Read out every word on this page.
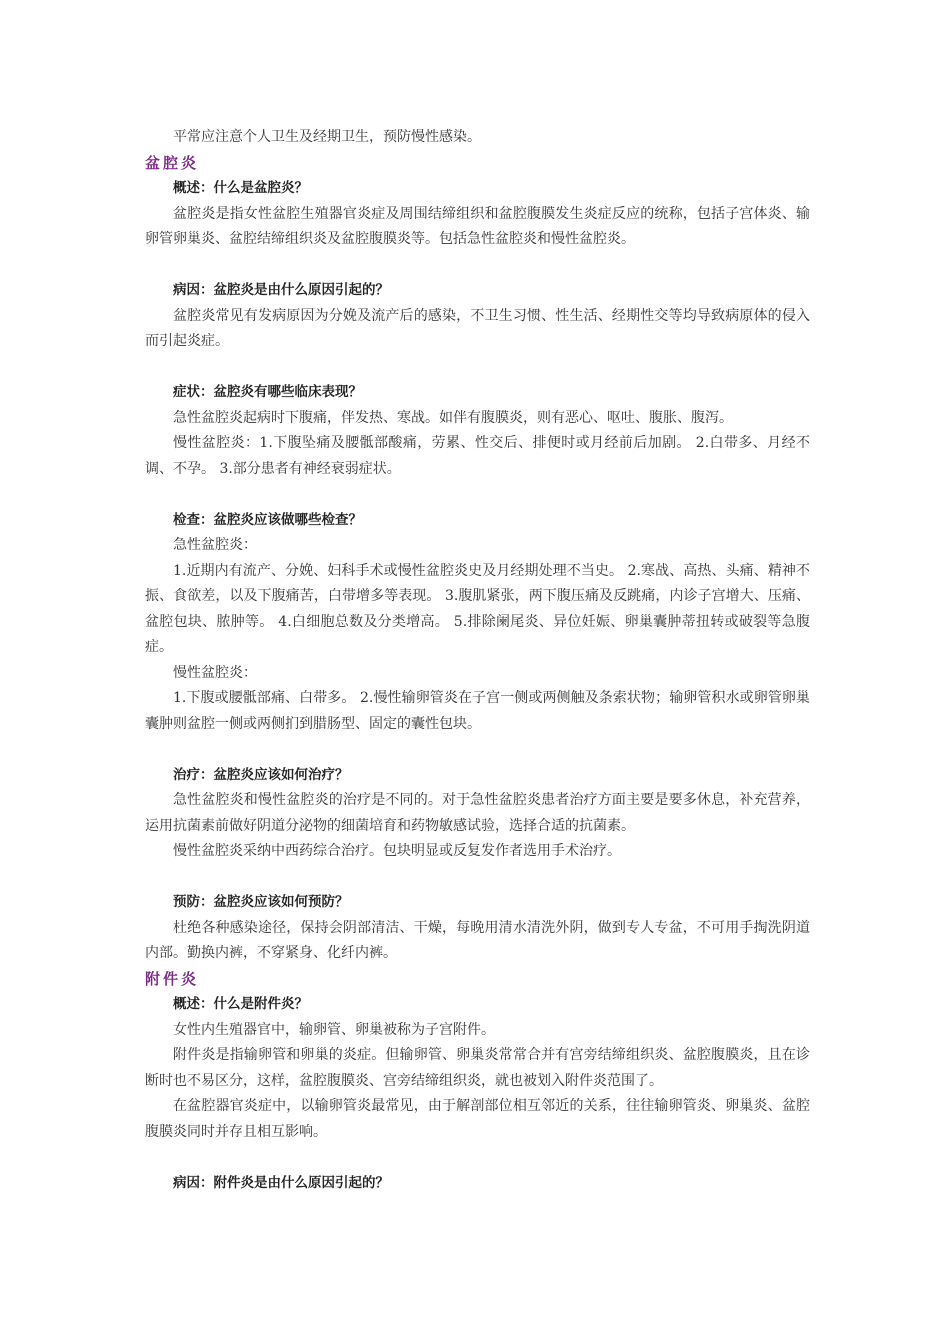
平常应注意个人卫生及经期卫生，预防慢性感染。

盆腔炎

概述：什么是盆腔炎？

盆腔炎是指女性盆腔生殖器官炎症及周围结缔组织和盆腔腹膜发生炎症反应的统称，包括子宫体炎、输卵管卵巢炎、盆腔结缔组织炎及盆腔腹膜炎等。包括急性盆腔炎和慢性盆腔炎。

病因：盆腔炎是由什么原因引起的？

盆腔炎常见有发病原因为分娩及流产后的感染，不卫生习惯、性生活、经期性交等均导致病原体的侵入而引起炎症。

症状：盆腔炎有哪些临床表现？

急性盆腔炎起病时下腹痛，伴发热、寒战。如伴有腹膜炎，则有恶心、呕吐、腹胀、腹泻。

慢性盆腔炎：1.下腹坠痛及腰骶部酸痛，劳累、性交后、排便时或月经前后加剧。 2.白带多、月经不调、不孕。 3.部分患者有神经衰弱症状。

检查：盆腔炎应该做哪些检查？

急性盆腔炎：

1.近期内有流产、分娩、妇科手术或慢性盆腔炎史及月经期处理不当史。 2.寒战、高热、头痛、精神不振、食欲差，以及下腹痛苦，白带增多等表现。 3.腹肌紧张，两下腹压痛及反跳痛，内诊子宫增大、压痛、盆腔包块、脓肿等。 4.白细胞总数及分类增高。 5.排除阑尾炎、异位妊娠、卵巢囊肿蒂扭转或破裂等急腹症。

慢性盆腔炎：

1.下腹或腰骶部痛、白带多。 2.慢性输卵管炎在子宫一侧或两侧触及条索状物；输卵管积水或卵管卵巢囊肿则盆腔一侧或两侧扪到腊肠型、固定的囊性包块。

治疗：盆腔炎应该如何治疗？

急性盆腔炎和慢性盆腔炎的治疗是不同的。对于急性盆腔炎患者治疗方面主要是要多休息，补充营养，运用抗菌素前做好阴道分泌物的细菌培育和药物敏感试验，选择合适的抗菌素。

慢性盆腔炎采纳中西药综合治疗。包块明显或反复发作者选用手术治疗。

预防：盆腔炎应该如何预防？

杜绝各种感染途径，保持会阴部清洁、干燥，每晚用清水清洗外阴，做到专人专盆，不可用手掏洗阴道内部。勤换内裤，不穿紧身、化纤内裤。

附件炎

概述：什么是附件炎？

女性内生殖器官中，输卵管、卵巢被称为子宫附件。

附件炎是指输卵管和卵巢的炎症。但输卵管、卵巢炎常常合并有宫旁结缔组织炎、盆腔腹膜炎，且在诊断时也不易区分，这样，盆腔腹膜炎、宫旁结缔组织炎，就也被划入附件炎范围了。

在盆腔器官炎症中，以输卵管炎最常见，由于解剖部位相互邻近的关系，往往输卵管炎、卵巢炎、盆腔腹膜炎同时并存且相互影响。

病因：附件炎是由什么原因引起的？
